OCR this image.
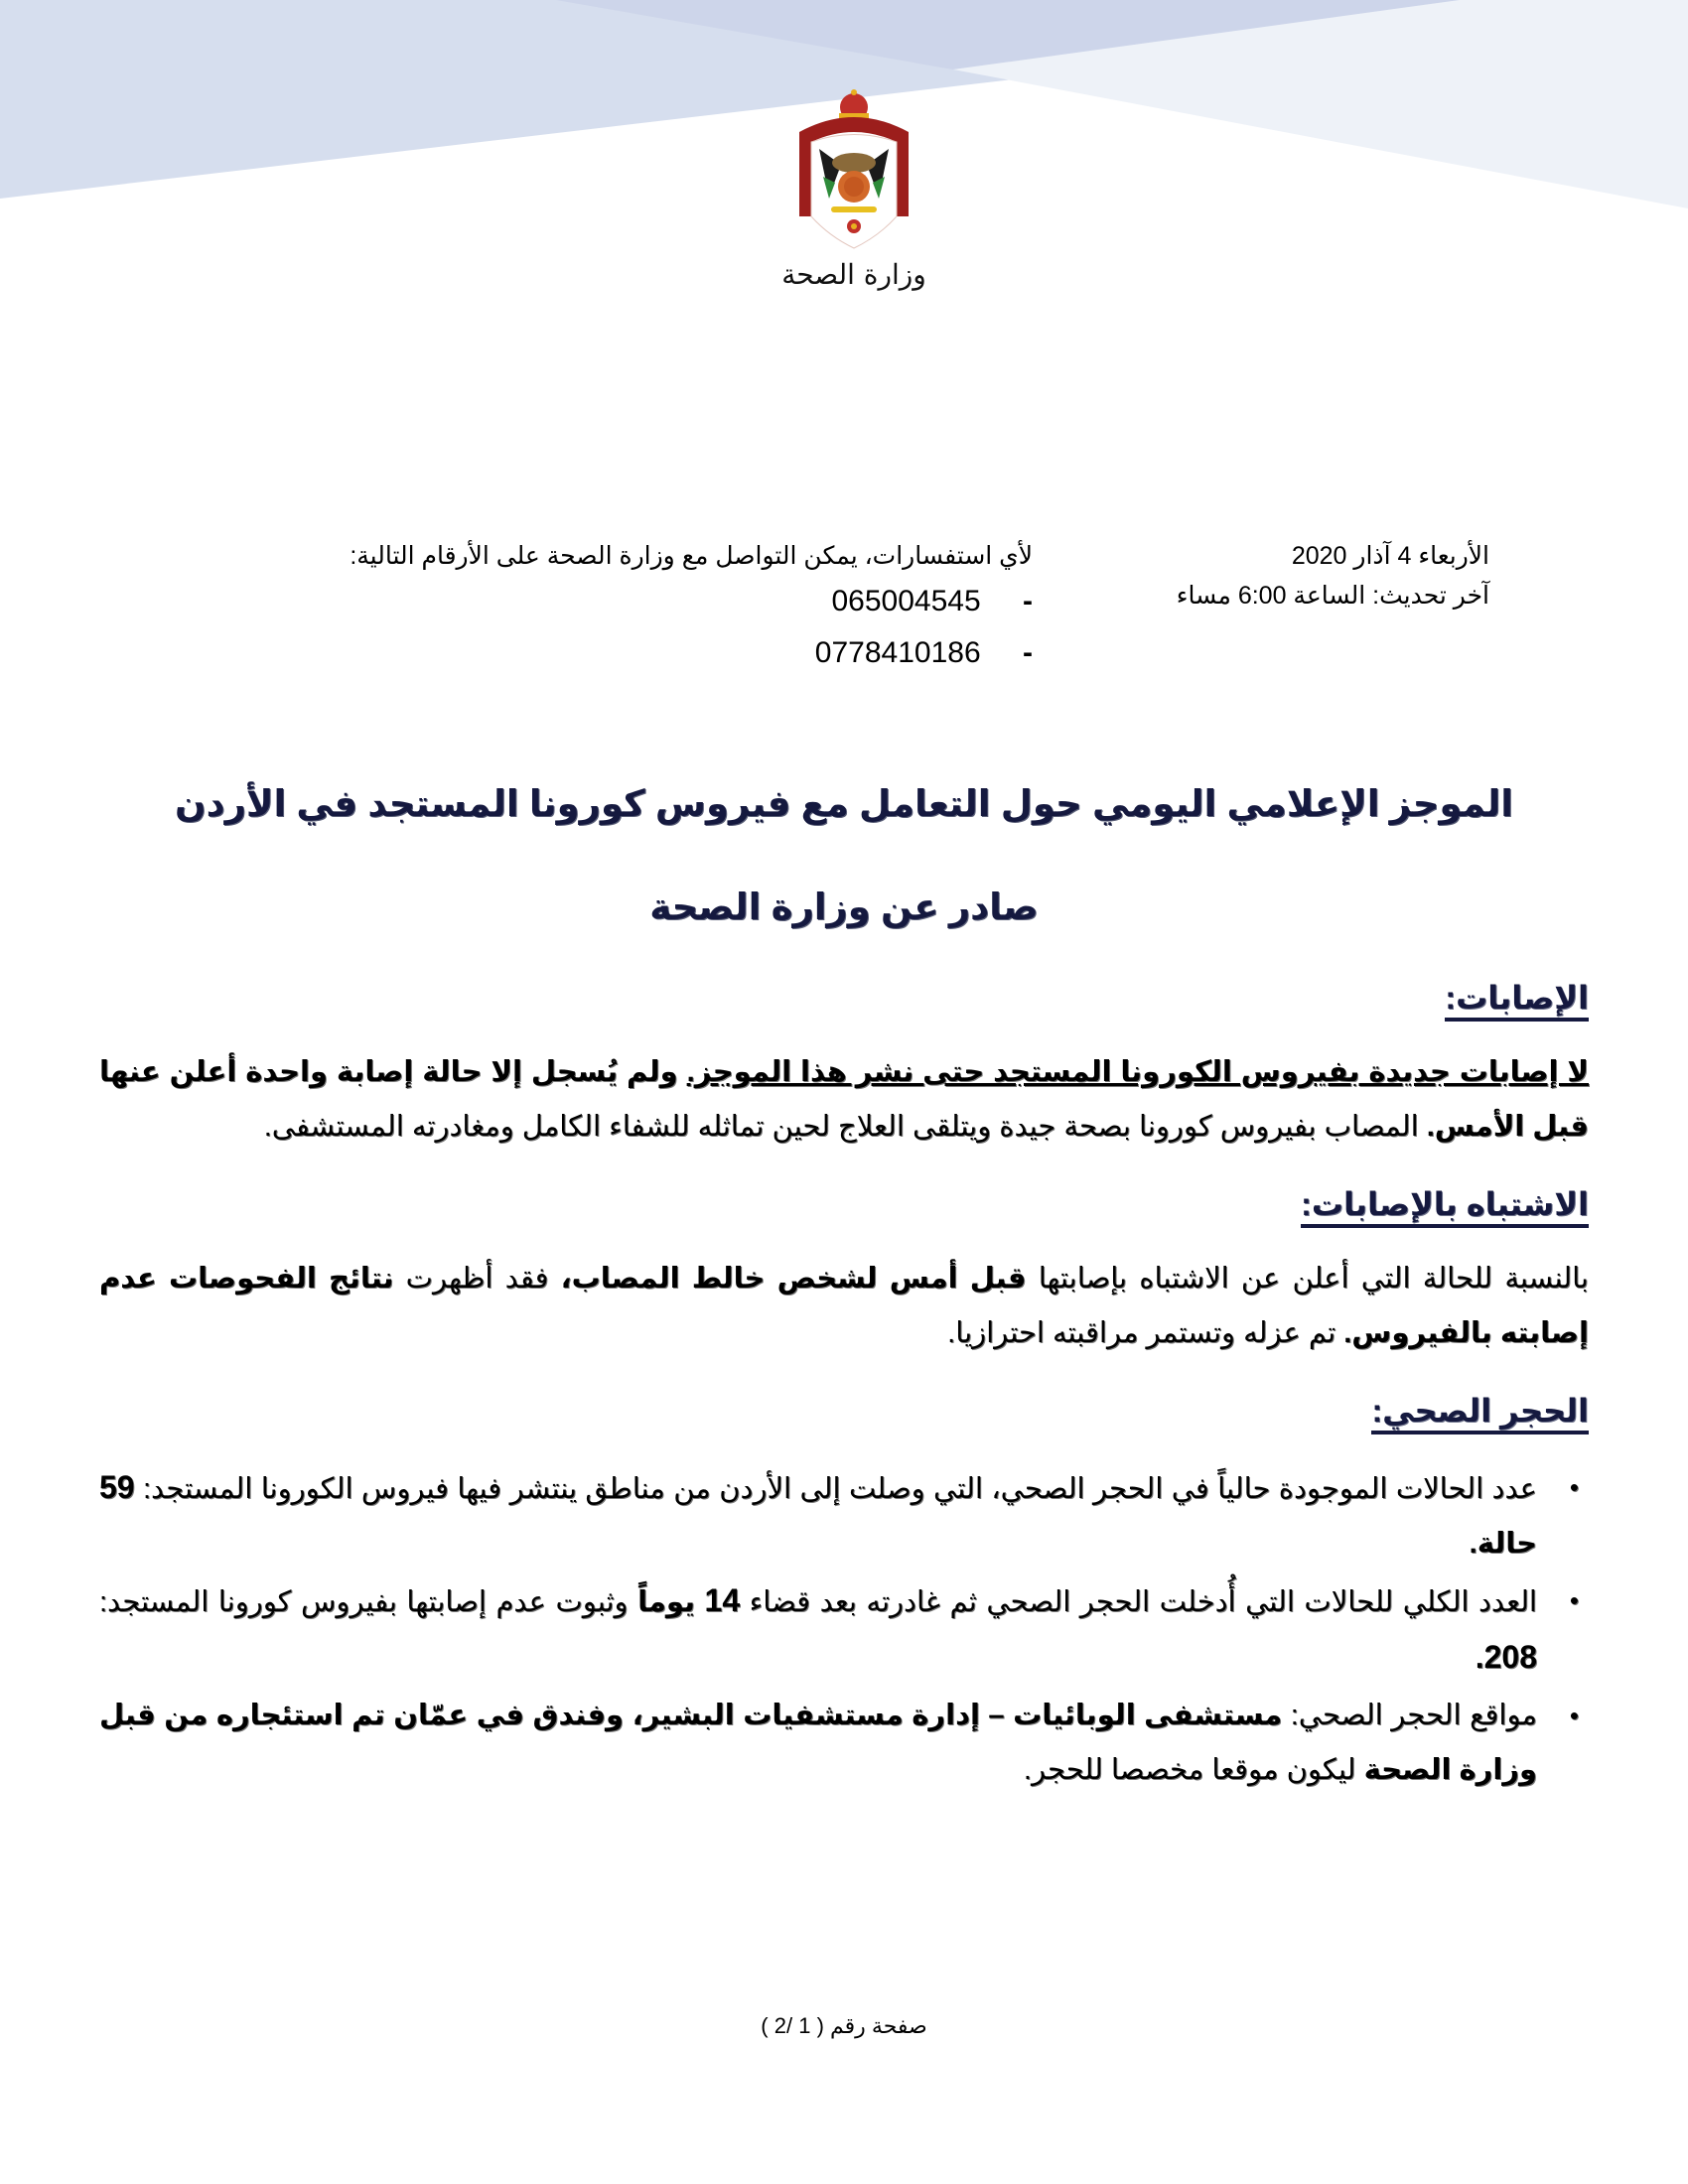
وزارة الصحة
الأربعاء 4 آذار 2020
آخر تحديث: الساعة 6:00 مساء
لأي استفسارات، يمكن التواصل مع وزارة الصحة على الأرقام التالية:
065004545 -
0778410186 -

الموجز الإعلامي اليومي حول التعامل مع فيروس كورونا المستجد في الأردن

صادر عن وزارة الصحة

الإصابات:

لا إصابات جديدة بفيروس الكورونا المستجد حتى نشر هذا الموجز. ولم يُسجل إلا حالة إصابة واحدة أعلن عنها قبل الأمس. المصاب بفيروس كورونا بصحة جيدة ويتلقى العلاج لحين تماثله للشفاء الكامل ومغادرته المستشفى.

الاشتباه بالإصابات:

بالنسبة للحالة التي أعلن عن الاشتباه بإصابتها قبل أمس لشخص خالط المصاب، فقد أظهرت نتائج الفحوصات عدم إصابته بالفيروس. تم عزله وتستمر مراقبته احترازيا.

الحجر الصحي:
•
عدد الحالات الموجودة حالياً في الحجر الصحي، التي وصلت إلى الأردن من مناطق ينتشر فيها فيروس الكورونا المستجد: 59 حالة.
•
العدد الكلي للحالات التي أُدخلت الحجر الصحي ثم غادرته بعد قضاء 14 يوماً وثبوت عدم إصابتها بفيروس كورونا المستجد: 208.
•
مواقع الحجر الصحي: مستشفى الوبائيات – إدارة مستشفيات البشير، وفندق في عمّان تم استئجاره من قبل وزارة الصحة ليكون موقعا مخصصا للحجر.
صفحة رقم ( 1 /2 )
